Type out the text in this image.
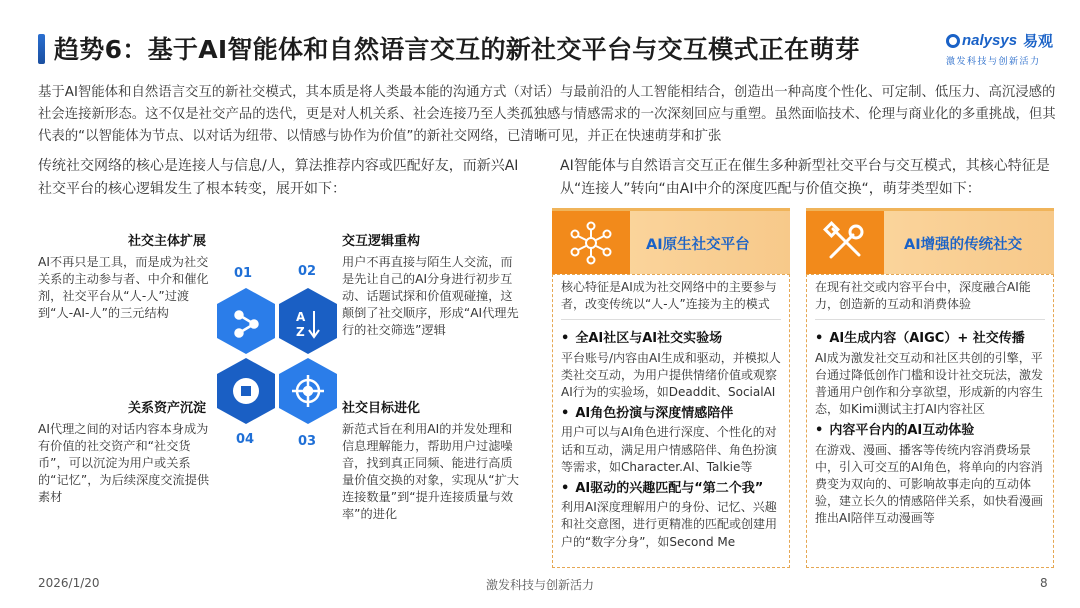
趋势6：基于AI智能体和自然语言交互的新社交平台与交互模式正在萌芽	nalysys 易观
激发科技与创新活力
基于AI智能体和自然语言交互的新社交模式，其本质是将人类最本能的沟通方式（对话）与最前沿的人工智能相结合，创造出一种高度个性化、可定制、低压力、高沉浸感的社会连接新形态。这不仅是社交产品的迭代，更是对人机关系、社会连接乃至人类孤独感与情感需求的一次深刻回应与重塑。虽然面临技术、伦理与商业化的多重挑战，但其代表的“以智能体为节点、以对话为纽带、以情感与协作为价值”的新社交网络，已清晰可见，并正在快速萌芽和扩张
传统社交网络的核心是连接人与信息/人，算法推荐内容或匹配好友，而新兴AI社交平台的核心逻辑发生了根本转变，展开如下：
AI智能体与自然语言交互正在催生多种新型社交平台与交互模式，其核心特征是从“连接人”转向“由AI中介的深度匹配与价值交换“，萌芽类型如下：
社交主体扩展
AI不再只是工具，而是成为社交关系的主动参与者、中介和催化剂，社交平台从“人-人”过渡到“人-AI-人”的三元结构
交互逻辑重构
用户不再直接与陌生人交流，而是先让自己的AI分身进行初步互动、话题试探和价值观碰撞，这颠倒了社交顺序，形成“AI代理先行的社交筛选”逻辑
社交目标进化
新范式旨在利用AI的并发处理和信息理解能力，帮助用户过滤噪音，找到真正同频、能进行高质量价值交换的对象，实现从“扩大连接数量”到“提升连接质量与效率”的进化
关系资产沉淀
AI代理之间的对话内容本身成为有价值的社交资产和“社交货币”，可以沉淀为用户或关系的“记忆”，为后续深度交流提供素材
A
Z
01	02
03
04
AI原生社交平台
核心特征是AI成为社交网络中的主要参与者，改变传统以“人-人”连接为主的模式
• 全AI社区与AI社交实验场
平台账号/内容由AI生成和驱动，并模拟人类社交互动，为用户提供情绪价值或观察AI行为的实验场，如Deaddit、SocialAI
• AI角色扮演与深度情感陪伴
用户可以与AI角色进行深度、个性化的对话和互动，满足用户情感陪伴、角色扮演等需求，如Character.AI、Talkie等
• AI驱动的兴趣匹配与“第二个我”
利用AI深度理解用户的身份、记忆、兴趣和社交意图，进行更精准的匹配或创建用户的“数字分身”，如Second Me
AI增强的传统社交
在现有社交或内容平台中，深度融合AI能力，创造新的互动和消费体验
• AI生成内容（AIGC）+ 社交传播
AI成为激发社交互动和社区共创的引擎，平台通过降低创作门槛和设计社交玩法，激发普通用户创作和分享欲望，形成新的内容生态，如Kimi测试主打AI内容社区
• 内容平台内的AI互动体验
在游戏、漫画、播客等传统内容消费场景中，引入可交互的AI角色，将单向的内容消费变为双向的、可影响故事走向的互动体验，建立长久的情感陪伴关系，如快看漫画推出AI陪伴互动漫画等
2026/1/20	激发科技与创新活力	8
